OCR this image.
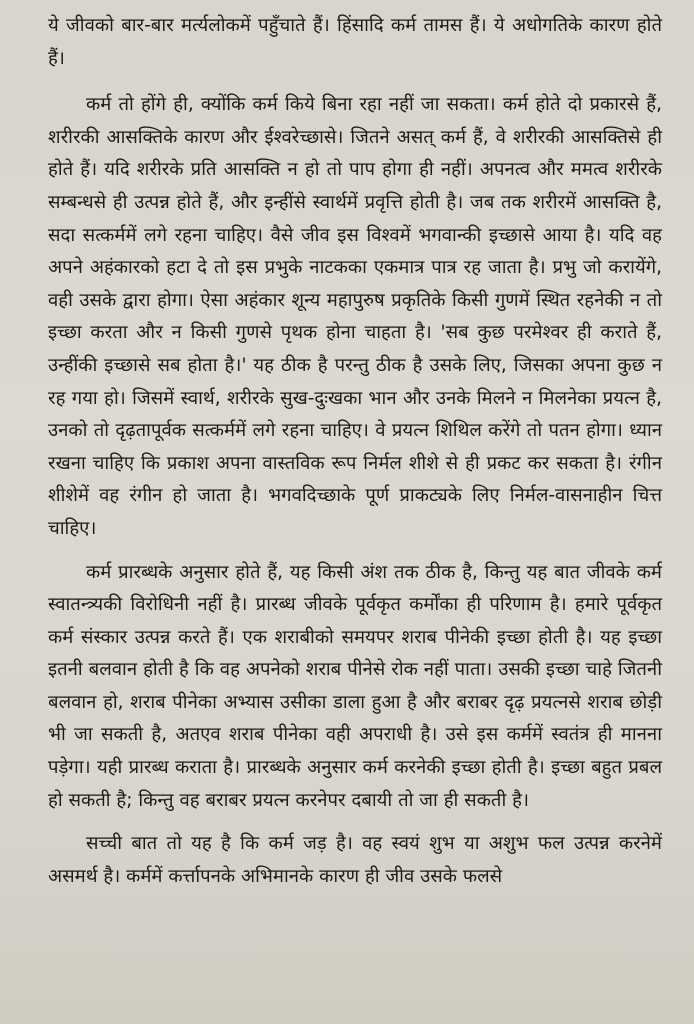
ये जीवको बार-बार मर्त्यलोकमें पहुँचाते हैं। हिंसादि कर्म तामस हैं। ये अधोगतिके कारण होते हैं।

कर्म तो होंगे ही, क्योंकि कर्म किये बिना रहा नहीं जा सकता। कर्म होते दो प्रकारसे हैं, शरीरकी आसक्तिके कारण और ईश्वरेच्छासे। जितने असत् कर्म हैं, वे शरीरकी आसक्तिसे ही होते हैं। यदि शरीरके प्रति आसक्ति न हो तो पाप होगा ही नहीं। अपनत्व और ममत्व शरीरके सम्बन्धसे ही उत्पन्न होते हैं, और इन्हींसे स्वार्थमें प्रवृत्ति होती है। जब तक शरीरमें आसक्ति है, सदा सत्कर्ममें लगे रहना चाहिए। वैसे जीव इस विश्वमें भगवान्की इच्छासे आया है। यदि वह अपने अहंकारको हटा दे तो इस प्रभुके नाटकका एकमात्र पात्र रह जाता है। प्रभु जो करायेंगे, वही उसके द्वारा होगा। ऐसा अहंकार शून्य महापुरुष प्रकृतिके किसी गुणमें स्थित रहनेकी न तो इच्छा करता और न किसी गुणसे पृथक होना चाहता है। 'सब कुछ परमेश्वर ही कराते हैं, उन्हींकी इच्छासे सब होता है।' यह ठीक है परन्तु ठीक है उसके लिए, जिसका अपना कुछ न रह गया हो। जिसमें स्वार्थ, शरीरके सुख-दुःखका भान और उनके मिलने न मिलनेका प्रयत्न है, उनको तो दृढ़तापूर्वक सत्कर्ममें लगे रहना चाहिए। वे प्रयत्न शिथिल करेंगे तो पतन होगा। ध्यान रखना चाहिए कि प्रकाश अपना वास्तविक रूप निर्मल शीशे से ही प्रकट कर सकता है। रंगीन शीशेमें वह रंगीन हो जाता है। भगवदिच्छाके पूर्ण प्राकट्यके लिए निर्मल-वासनाहीन चित्त चाहिए।

कर्म प्रारब्धके अनुसार होते हैं, यह किसी अंश तक ठीक है, किन्तु यह बात जीवके कर्म स्वातन्त्र्यकी विरोधिनी नहीं है। प्रारब्ध जीवके पूर्वकृत कर्मोंका ही परिणाम है। हमारे पूर्वकृत कर्म संस्कार उत्पन्न करते हैं। एक शराबीको समयपर शराब पीनेकी इच्छा होती है। यह इच्छा इतनी बलवान होती है कि वह अपनेको शराब पीनेसे रोक नहीं पाता। उसकी इच्छा चाहे जितनी बलवान हो, शराब पीनेका अभ्यास उसीका डाला हुआ है और बराबर दृढ़ प्रयत्नसे शराब छोड़ी भी जा सकती है, अतएव शराब पीनेका वही अपराधी है। उसे इस कर्ममें स्वतंत्र ही मानना पड़ेगा। यही प्रारब्ध कराता है। प्रारब्धके अनुसार कर्म करनेकी इच्छा होती है। इच्छा बहुत प्रबल हो सकती है; किन्तु वह बराबर प्रयत्न करनेपर दबायी तो जा ही सकती है।

सच्ची बात तो यह है कि कर्म जड़ है। वह स्वयं शुभ या अशुभ फल उत्पन्न करनेमें असमर्थ है। कर्ममें कर्त्तापनके अभिमानके कारण ही जीव उसके फलसे
